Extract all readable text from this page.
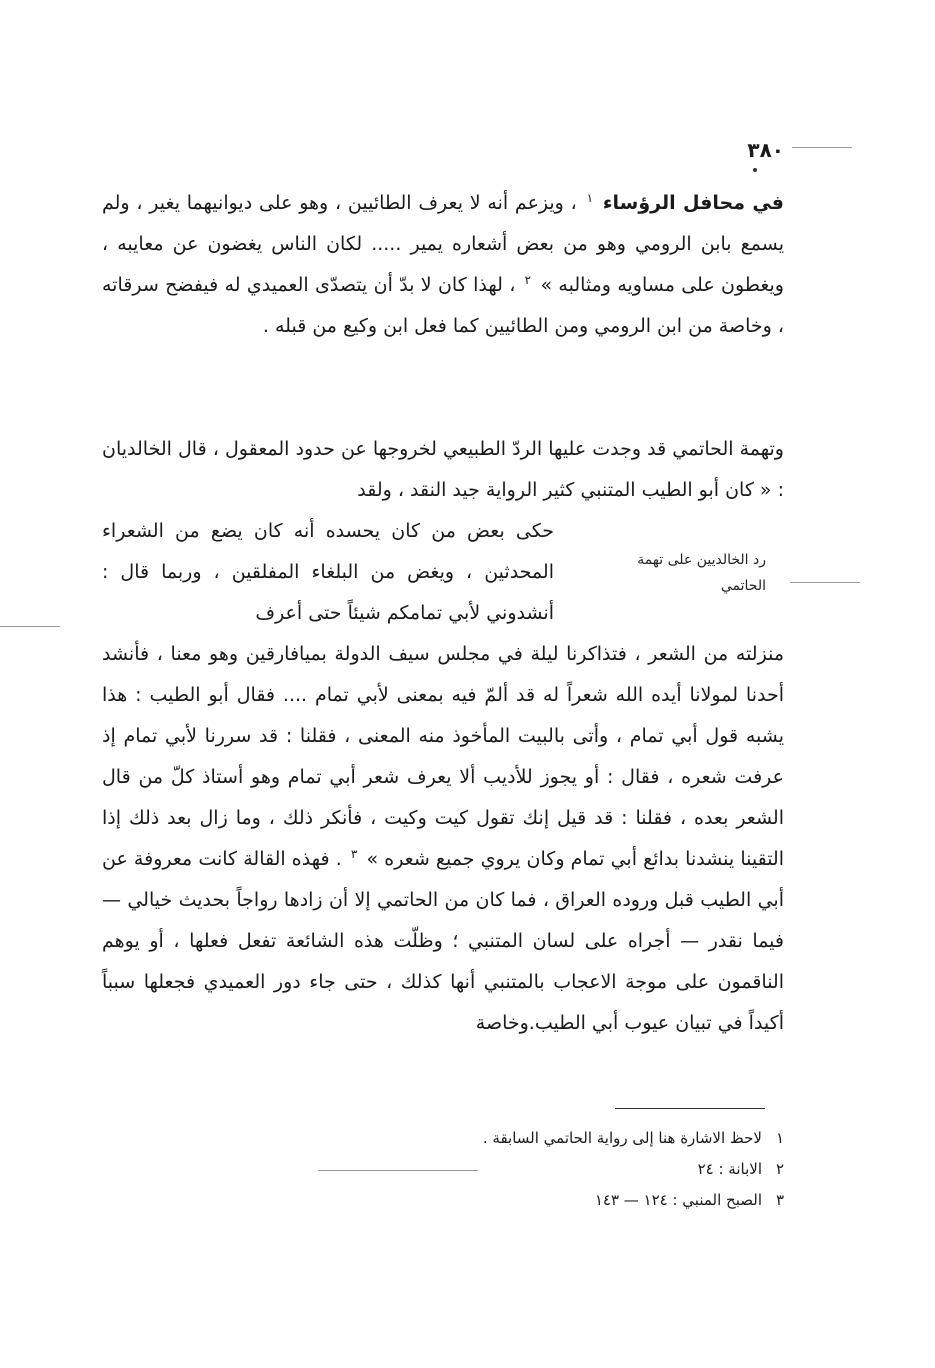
٣٨٠

في محافل الرؤساء $^١$ ، ويزعم أنه لا يعرف الطائيين ، وهو على ديوانيهما يغير ، ولم يسمع بابن الرومي وهو من بعض أشعاره يمير ..... لكان الناس يغضون عن معايبه ، ويغطون على مساويه ومثالبه » $^٢$ ، لهذا كان لا بدّ أن يتصدّى العميدي له فيفضح سرقاته ، وخاصة من ابن الرومي ومن الطائيين كما فعل ابن وكيع من قبله .

وتهمة الحاتمي قد وجدت عليها الردّ الطبيعي لخروجها عن حدود المعقول ، قال الخالديان : « كان أبو الطيب المتنبي كثير الرواية جيد النقد ، ولقد

حكى بعض من كان يحسده أنه كان يضع من الشعراء المحدثين ، ويغض من البلغاء المفلقين ، وربما قال : أنشدوني لأبي تمامكم شيئاً حتى أعرف

رد الخالديين على تهمة الحاتمي

منزلته من الشعر ، فتذاكرنا ليلة في مجلس سيف الدولة بميافارقين وهو معنا ، فأنشد أحدنا لمولانا أيده الله شعراً له قد ألمّ فيه بمعنى لأبي تمام .... فقال أبو الطيب : هذا يشبه قول أبي تمام ، وأتى بالبيت المأخوذ منه المعنى ، فقلنا : قد سررنا لأبي تمام إذ عرفت شعره ، فقال : أو يجوز للأديب ألا يعرف شعر أبي تمام وهو أستاذ كلّ من قال الشعر بعده ، فقلنا : قد قيل إنك تقول كيت وكيت ، فأنكر ذلك ، وما زال بعد ذلك إذا التقينا ينشدنا بدائع أبي تمام وكان يروي جميع شعره » $^٣$ . فهذه القالة كانت معروفة عن أبي الطيب قبل وروده العراق ، فما كان من الحاتمي إلا أن زادها رواجاً بحديث خيالي — فيما نقدر — أجراه على لسان المتنبي ؛ وظلّت هذه الشائعة تفعل فعلها ، أو يوهم الناقمون على موجة الاعجاب بالمتنبي أنها كذلك ، حتى جاء دور العميدي فجعلها سبباً أكيداً في تبيان عيوب أبي الطيب.وخاصة

١
لاحظ الاشارة هنا إلى رواية الحاتمي السابقة .
٢
الابانة : ٢٤
٣
الصبح المنبي : ١٢٤ — ١٤٣
